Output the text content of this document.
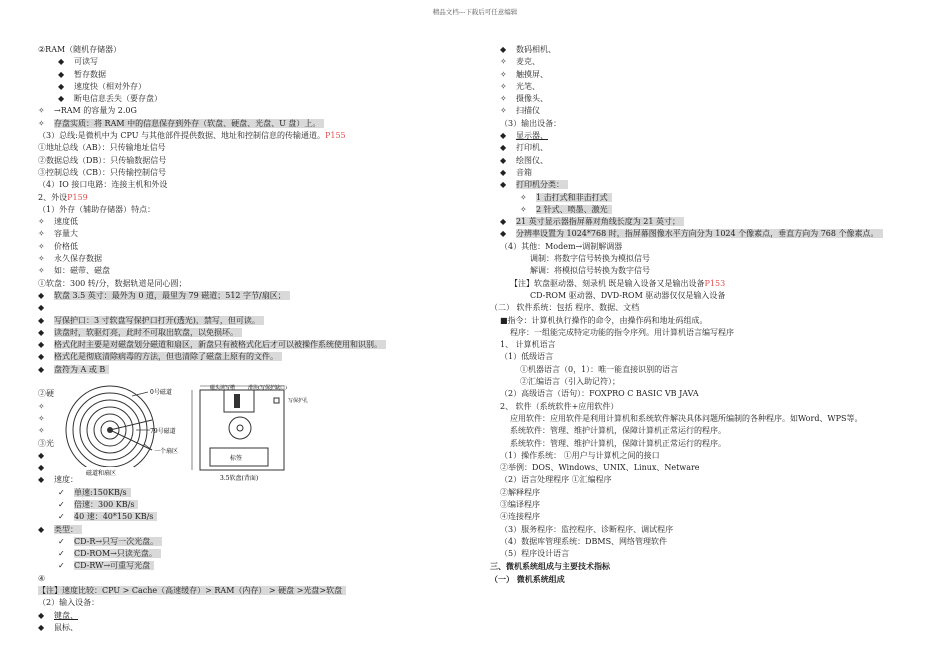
精品文档---下载后可任意编辑
②RAM（随机存储器）
◆ 可读写
◆ 暂存数据
◆ 速度快（相对外存）
◆ 断电信息丢失（要存盘）
✧ →RAM 的容量为 2.0G
✧ 存盘实质：将 RAM 中的信息保存到外存（软盘、硬盘、光盘、U 盘）上。
（3）总线:是微机中为 CPU 与其他部件提供数据、地址和控制信息的传输通道。P155
①地址总线（AB）：只传输地址信号
②数据总线（DB）：只传输数据信号
③控制总线（CB）：只传输控制信号
（4）IO 接口电路：连接主机和外设
2、外设P159
（1）外存（辅助存储器）特点：
✧ 速度低
✧ 容量大
✧ 价格低
✧ 永久保存数据
✧ 如：磁带、磁盘
①软盘：300 转/分，数据轨道是同心圆；
◆ 软盘 3.5 英寸：最外为 0 道，最里为 79 磁道；512 字节/扇区；
◆
◆ 写保护口：3 寸软盘写保护口打开(透光)，禁写，但可读。
◆ 读盘时，软驱灯亮，此时不可取出软盘，以免损坏。
◆ 格式化时主要是对磁盘划分磁道和扇区，新盘只有被格式化后才可以被操作系统使用和识别。
◆ 格式化是彻底清除病毒的方法，但也清除了磁盘上原有的文件。
◆ 盘符为 A 或 B
②硬
✧
✧
✧
③光
◆
◆
◆ 速度：
✓ 单速:150KB/s
✓ 倍速：300 KB/s
✓ 40 速：40*150 KB/s
◆ 类型：
✓ CD-R→只写一次光盘。
✓ CD-ROM→只读光盘。
✓ CD-RW→可重写光盘
④
【注】速度比较：CPU > Cache（高速缓存）> RAM（内存） > 硬盘 >光盘>软盘
（2）输入设备：
◆ 键盘、
◆ 鼠标、
◆ 数码相机、
✧ 麦克、
✧ 触摸屏、
✧ 光笔、
✧ 摄像头、
✧ 扫描仪
（3）输出设备：
◆ 显示器、
◆ 打印机、
◆ 绘图仪、
◆ 音箱
◆ 打印机分类：
✧ 1 击打式和非击打式
✧ 2 针式、喷墨、激光
◆ 21 英寸显示器指屏幕对角线长度为 21 英寸；
◆ 分辨率设置为 1024*768 时，指屏幕图像水平方向分为 1024 个像素点，垂直方向为 768 个像素点。
（4）其他：Modem→调制解调器
调制：将数字信号转换为模拟信号
解调：将模拟信号转换为数字信号
【注】软盘驱动器、刻录机 既是输入设备又是输出设备P153
CD-ROM 驱动器、DVD-ROM 驱动器仅仅是输入设备
（二） 软件系统：包括 程序、数据、文档
■指令：计算机执行操作的命令，由操作码和地址码组成。
程序：一组能完成特定功能的指令序列。用计算机语言编写程序
1、 计算机语言
（1）低级语言
①机器语言（0，1）：唯一能直接识别的语言
②汇编语言（引入助记符）；
（2）高级语言（语句）：FOXPRO C BASIC VB JAVA
2、 软件（系统软件+应用软件）
应用软件：应用软件是利用计算机和系统软件解决具体问题所编制的各种程序。如Word、WPS等。
系统软件：管理、维护计算机，保障计算机正常运行的程序。
系统软件：管理、维护计算机，保障计算机正常运行的程序。
（1）操作系统： ①用户与计算机之间的接口
②举例：DOS、Windows、UNIX、Linux、Netware
（2）语言处理程序 ①汇编程序
②解释程序
③编译程序
④连接程序
（3）服务程序：监控程序、诊断程序、调试程序
（4）数据库管理系统：DBMS、网络管理软件
（5）程序设计语言
三、微机系统组成与主要技术指标
（一） 微机系统组成
0号磁道
79号磁道
一个扇区
磁道和扇区
磁头读写槽	滑块(写保护缺口)
写保护孔
标签
3.5软盘(背面)
